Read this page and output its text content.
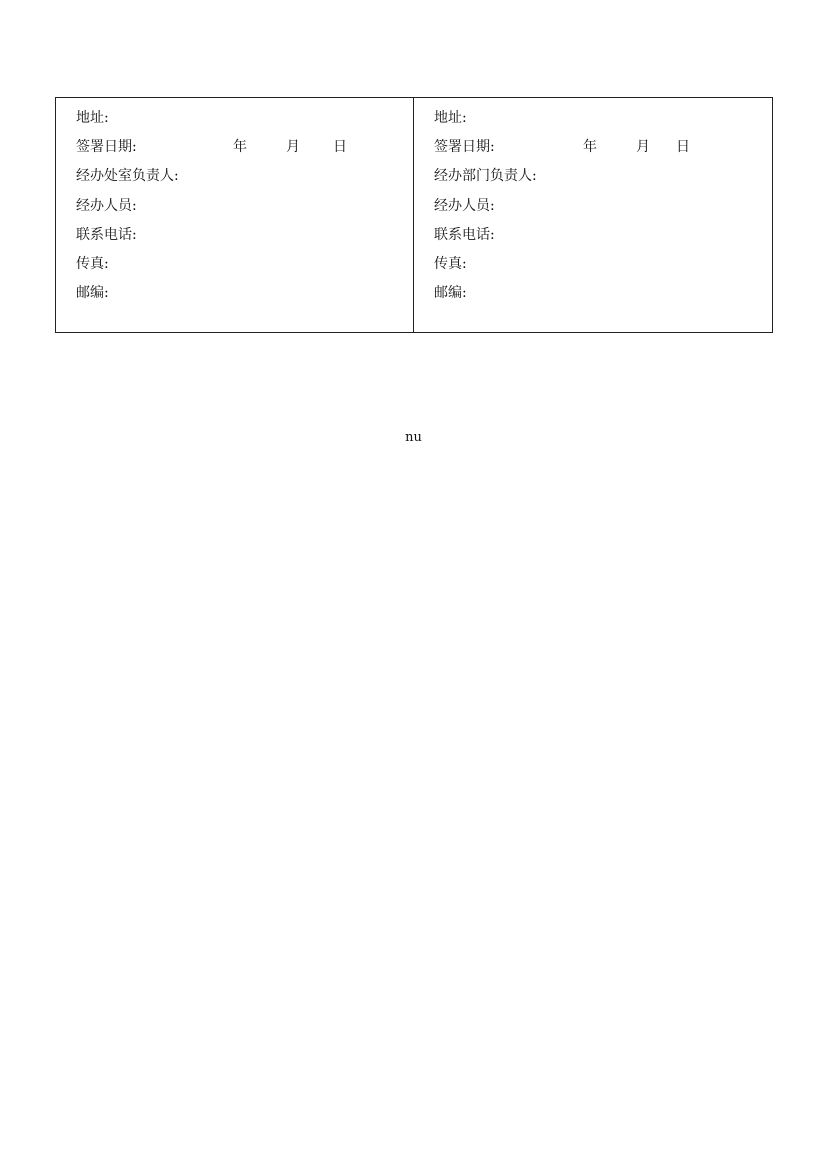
地址:
签署日期:	年	月 日
经办处室负责人:
经办人员:
联系电话:
传真:
邮编:
地址:
签署日期:	年	月 日
经办部门负责人:
经办人员:
联系电话:
传真:
邮编:
nu
